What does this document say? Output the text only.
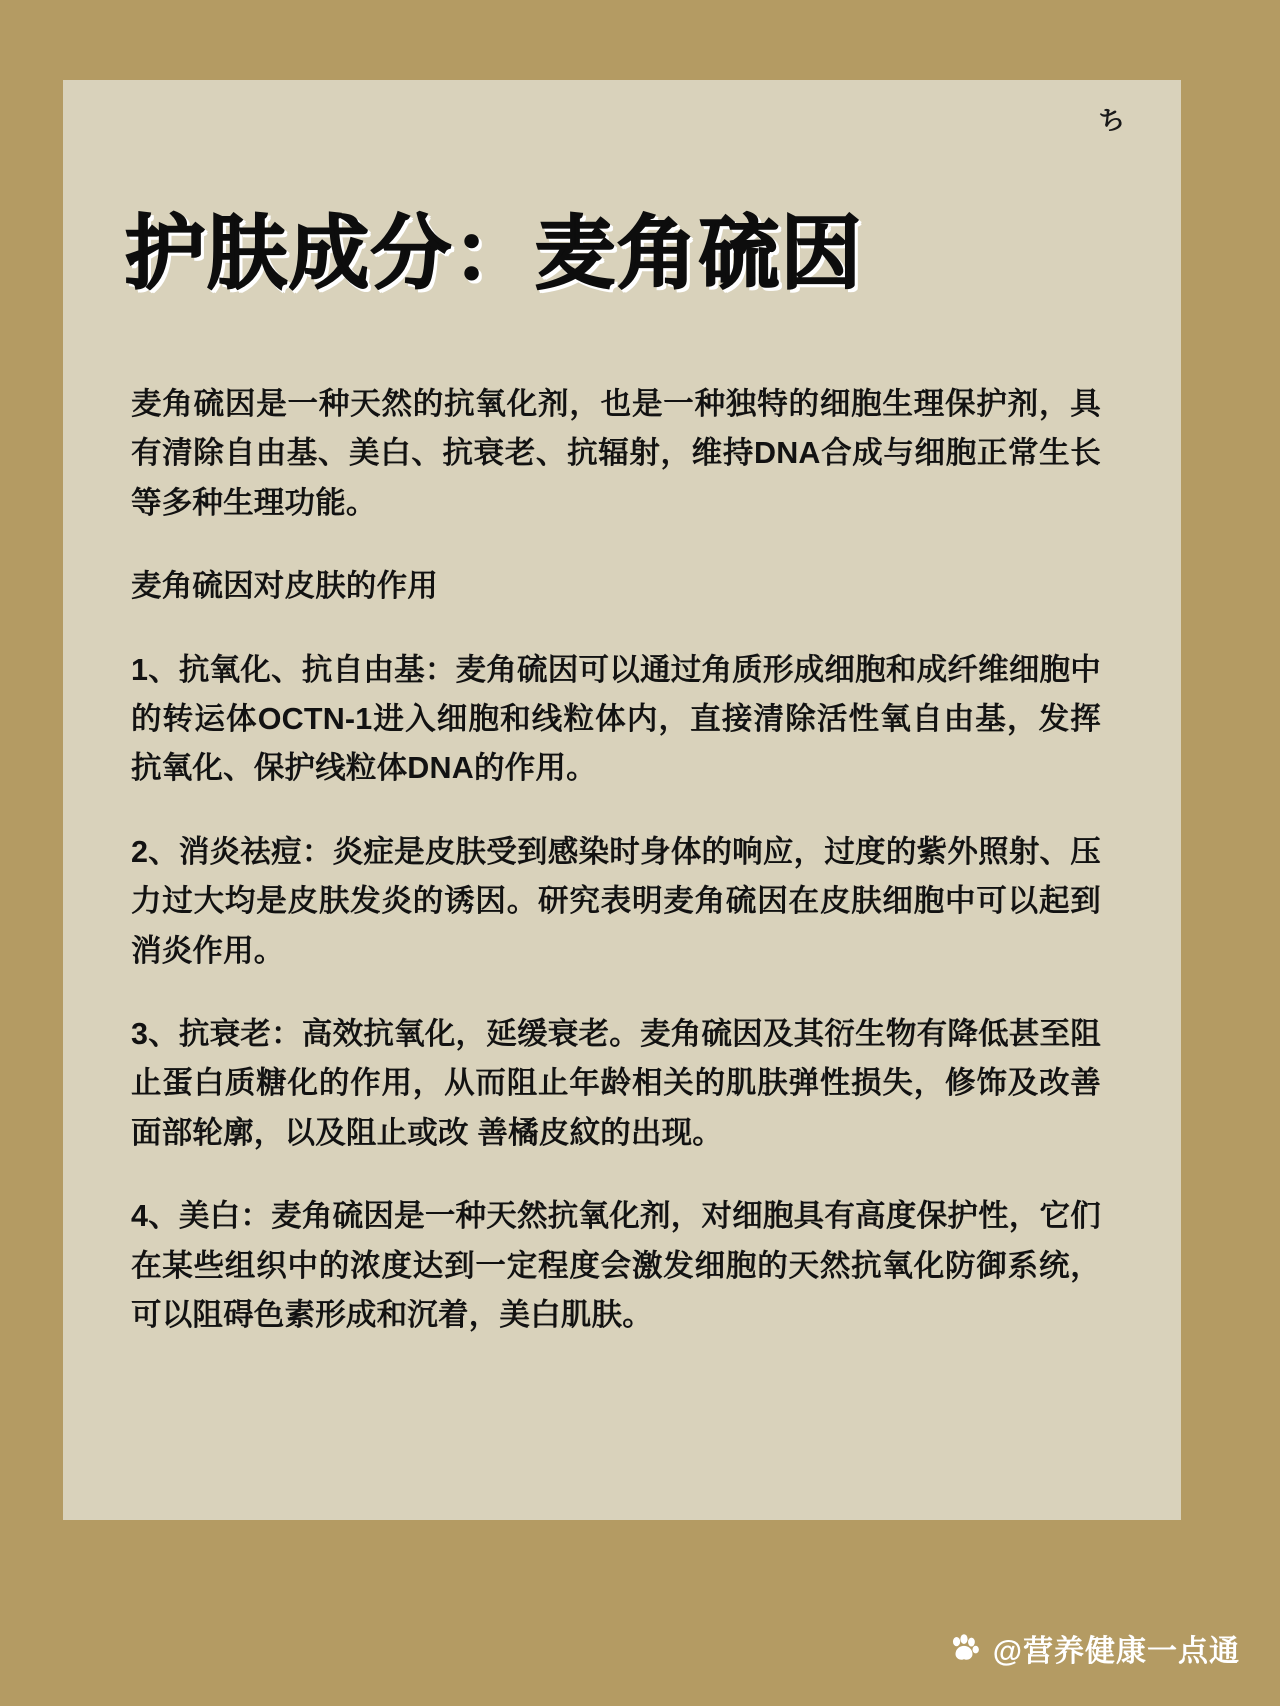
ち
护肤成分：麦角硫因

麦角硫因是一种天然的抗氧化剂，也是一种独特的细胞生理保护剂，具有清除自由基、美白、抗衰老、抗辐射，维持DNA合成与细胞正常生长等多种生理功能。

麦角硫因对皮肤的作用

1、抗氧化、抗自由基：麦角硫因可以通过角质形成细胞和成纤维细胞中的转运体OCTN-1进入细胞和线粒体内，直接清除活性氧自由基，发挥抗氧化、保护线粒体DNA的作用。

2、消炎祛痘：炎症是皮肤受到感染时身体的响应，过度的紫外照射、压力过大均是皮肤发炎的诱因。研究表明麦角硫因在皮肤细胞中可以起到消炎作用。

3、抗衰老：高效抗氧化，延缓衰老。麦角硫因及其衍生物有降低甚至阻止蛋白质糖化的作用，从而阻止年龄相关的肌肤弹性损失，修饰及改善面部轮廓，以及阻止或改 善橘皮紋的出现。

4、美白：麦角硫因是一种天然抗氧化剂，对细胞具有高度保护性，它们在某些组织中的浓度达到一定程度会激发细胞的天然抗氧化防御系统，可以阻碍色素形成和沉着，美白肌肤。

@营养健康一点通
